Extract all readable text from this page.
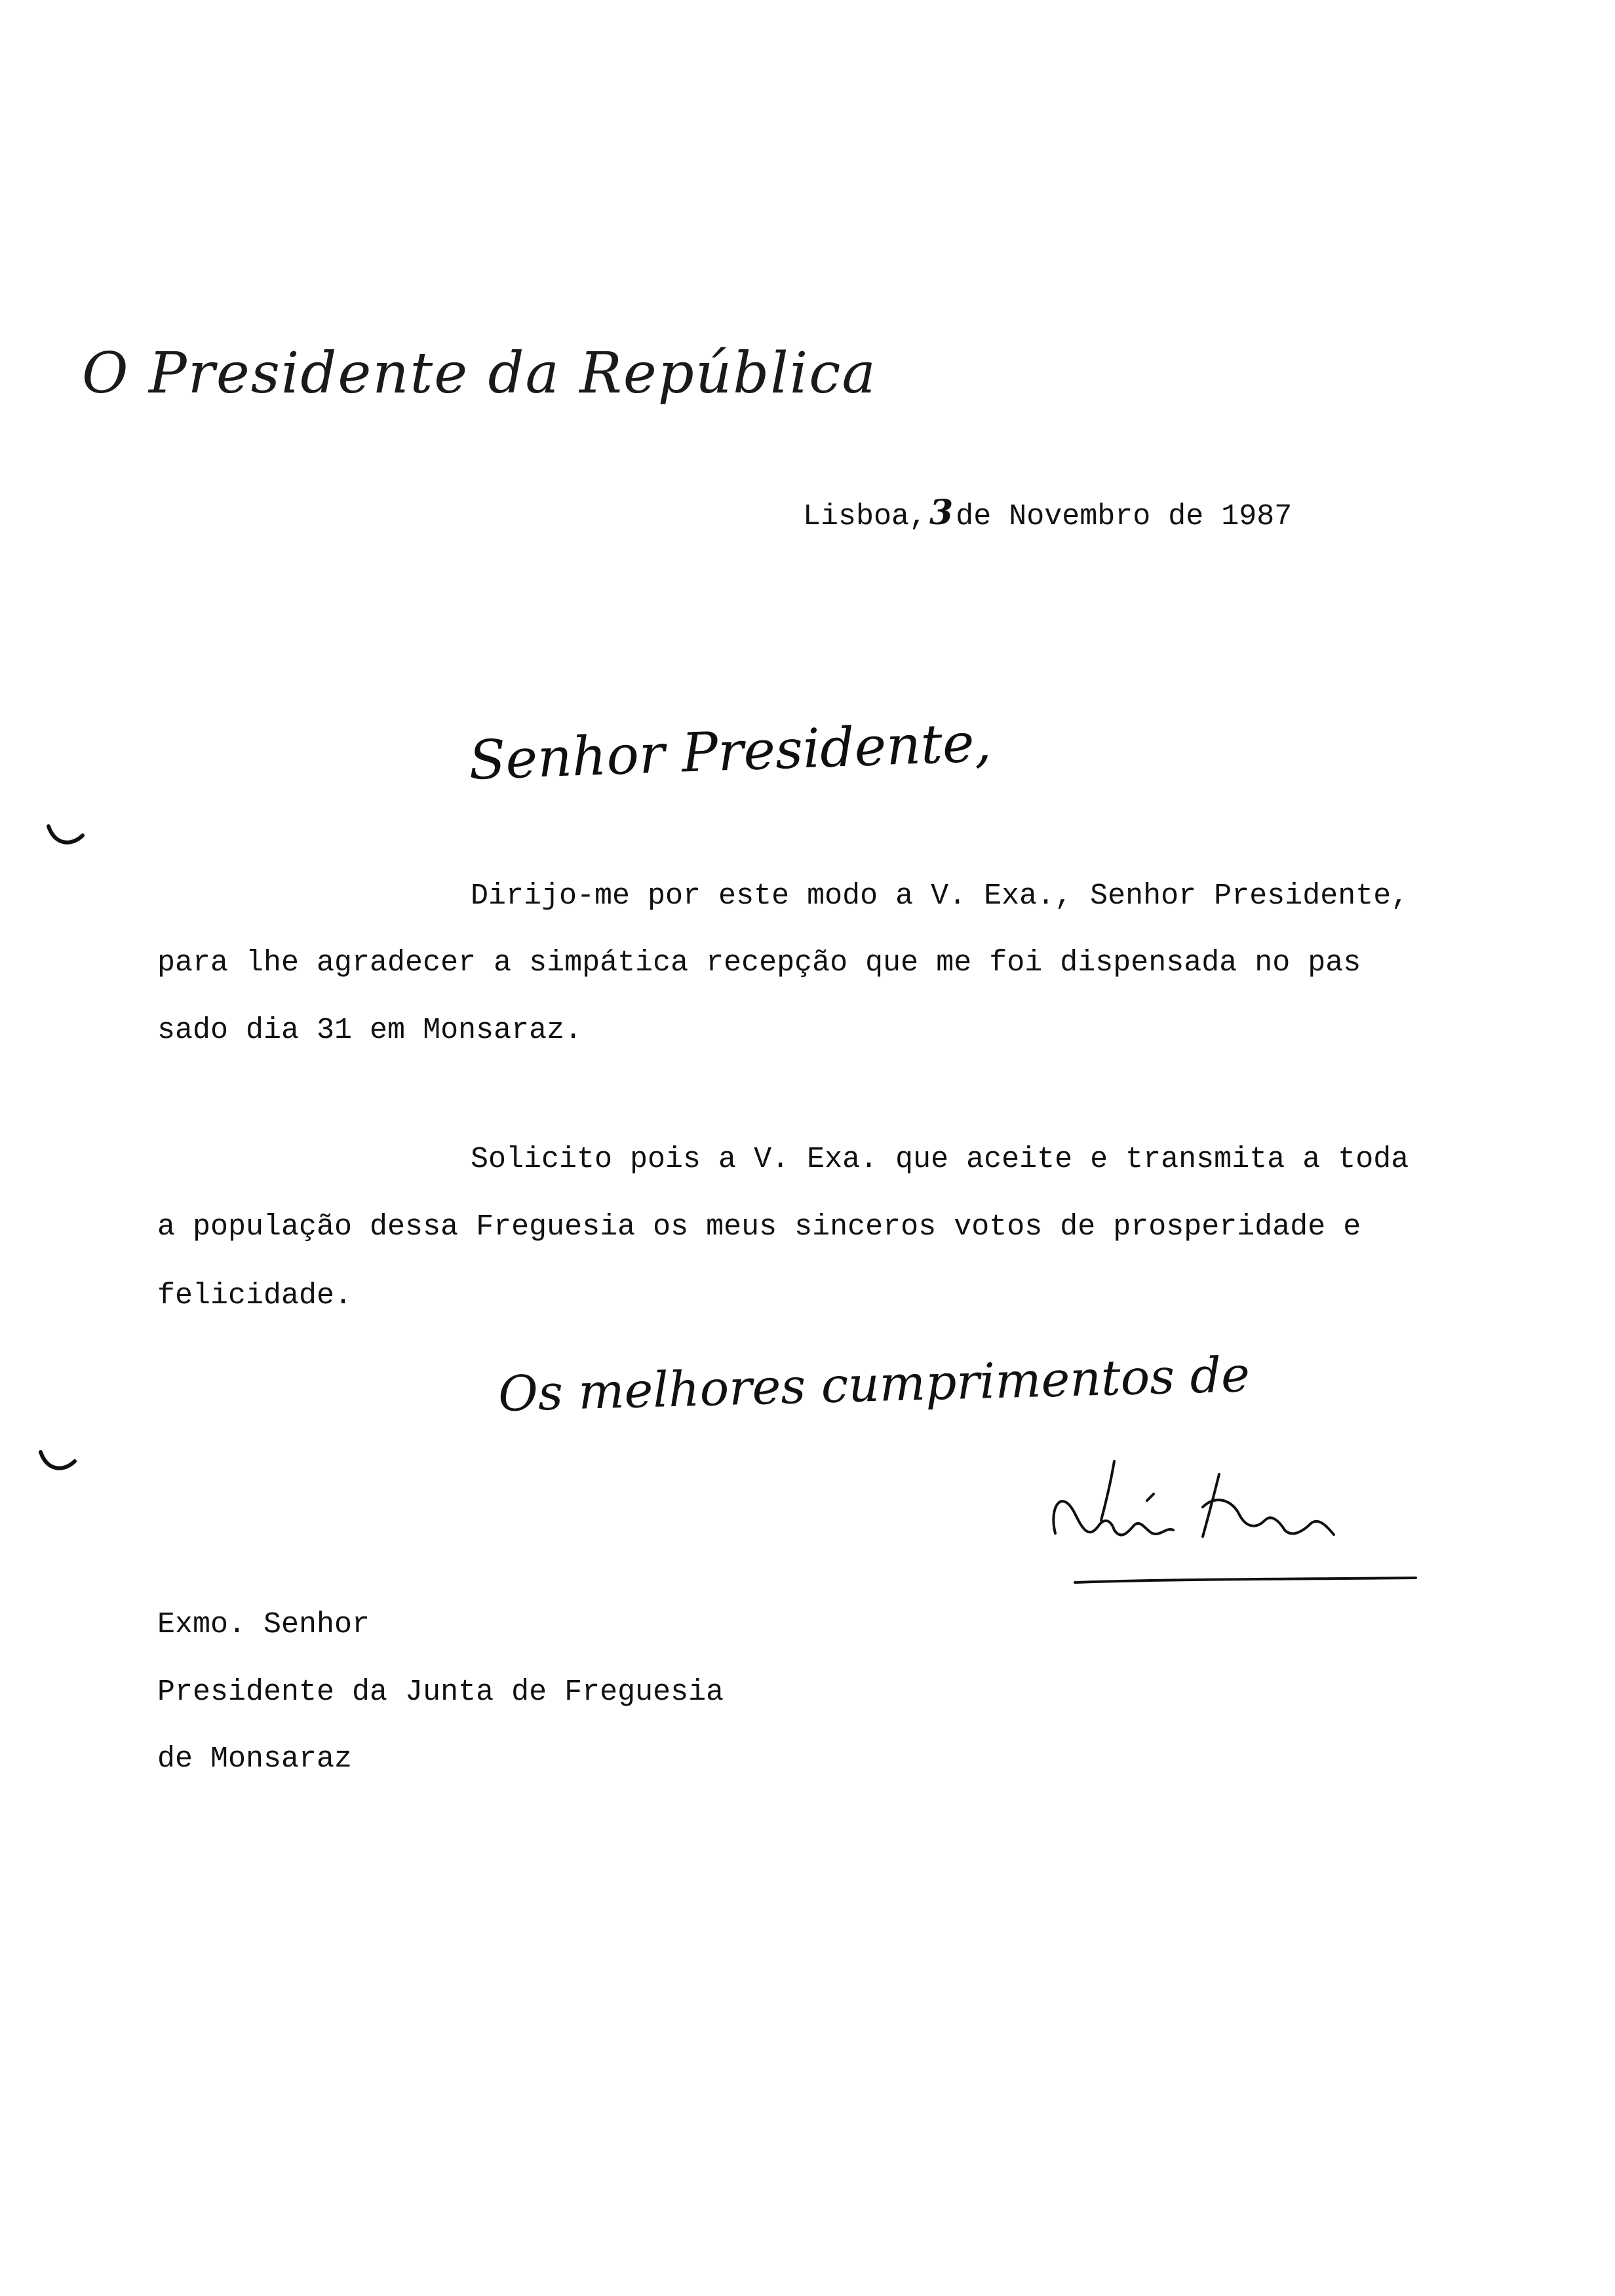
O Presidente da República
Lisboa,3de Novembro de 1987
Senhor Presidente,
Dirijo-me por este modo a V. Exa., Senhor Presidente,
para lhe agradecer a simpática recepção que me foi dispensada no pas
sado dia 31 em Monsaraz.
Solicito pois a V. Exa. que aceite e transmita a toda
a população dessa Freguesia os meus sinceros votos de prosperidade e
felicidade.
Os melhores cumprimentos de
Exmo. Senhor
Presidente da Junta de Freguesia
de Monsaraz
